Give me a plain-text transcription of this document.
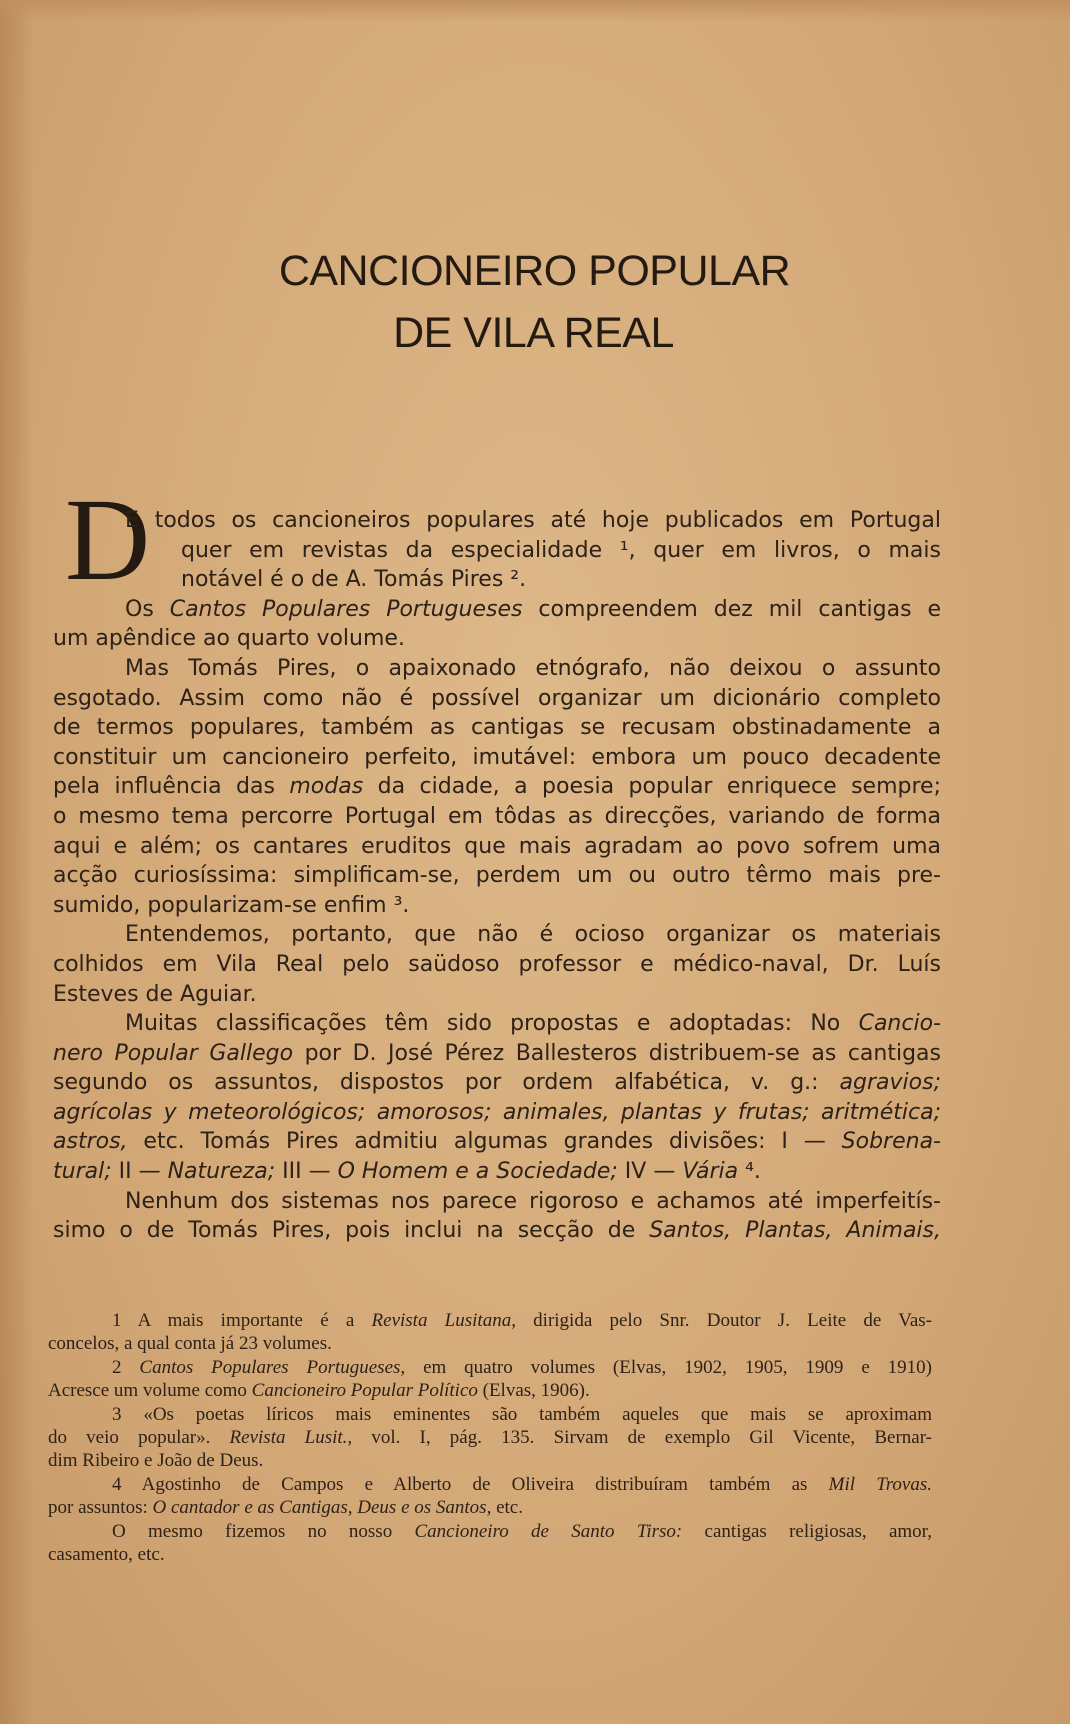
CANCIONEIRO POPULAR
DE VILA REAL
D
E todos os cancioneiros populares até hoje publicados em Portugal
quer em revistas da especialidade ¹, quer em livros, o mais
notável é o de A. Tomás Pires ².
Os Cantos Populares Portugueses compreendem dez mil cantigas e
um apêndice ao quarto volume.
Mas Tomás Pires, o apaixonado etnógrafo, não deixou o assunto
esgotado. Assim como não é possível organizar um dicionário completo
de termos populares, também as cantigas se recusam obstinadamente a
constituir um cancioneiro perfeito, imutável: embora um pouco decadente
pela influência das modas da cidade, a poesia popular enriquece sempre;
o mesmo tema percorre Portugal em tôdas as direcções, variando de forma
aqui e além; os cantares eruditos que mais agradam ao povo sofrem uma
acção curiosíssima: simplificam-se, perdem um ou outro têrmo mais pre-
sumido, popularizam-se enfim ³.
Entendemos, portanto, que não é ocioso organizar os materiais
colhidos em Vila Real pelo saüdoso professor e médico-naval, Dr. Luís
Esteves de Aguiar.
Muitas classificações têm sido propostas e adoptadas: No Cancio-
nero Popular Gallego por D. José Pérez Ballesteros distribuem-se as cantigas
segundo os assuntos, dispostos por ordem alfabética, v. g.: agravios;
agrícolas y meteorológicos; amorosos; animales, plantas y frutas; aritmética;
astros, etc. Tomás Pires admitiu algumas grandes divisões: I — Sobrena-
tural; II — Natureza; III — O Homem e a Sociedade; IV — Vária ⁴.
Nenhum dos sistemas nos parece rigoroso e achamos até imperfeitís-
simo o de Tomás Pires, pois inclui na secção de Santos, Plantas, Animais,
1 A mais importante é a Revista Lusitana, dirigida pelo Snr. Doutor J. Leite de Vas-
concelos, a qual conta já 23 volumes.
2 Cantos Populares Portugueses, em quatro volumes (Elvas, 1902, 1905, 1909 e 1910)
Acresce um volume como Cancioneiro Popular Político (Elvas, 1906).
3 «Os poetas líricos mais eminentes são também aqueles que mais se aproximam
do veio popular». Revista Lusit., vol. I, pág. 135. Sirvam de exemplo Gil Vicente, Bernar-
dim Ribeiro e João de Deus.
4 Agostinho de Campos e Alberto de Oliveira distribuíram também as Mil Trovas.
por assuntos: O cantador e as Cantigas, Deus e os Santos, etc.
O mesmo fizemos no nosso Cancioneiro de Santo Tirso: cantigas religiosas, amor,
casamento, etc.
